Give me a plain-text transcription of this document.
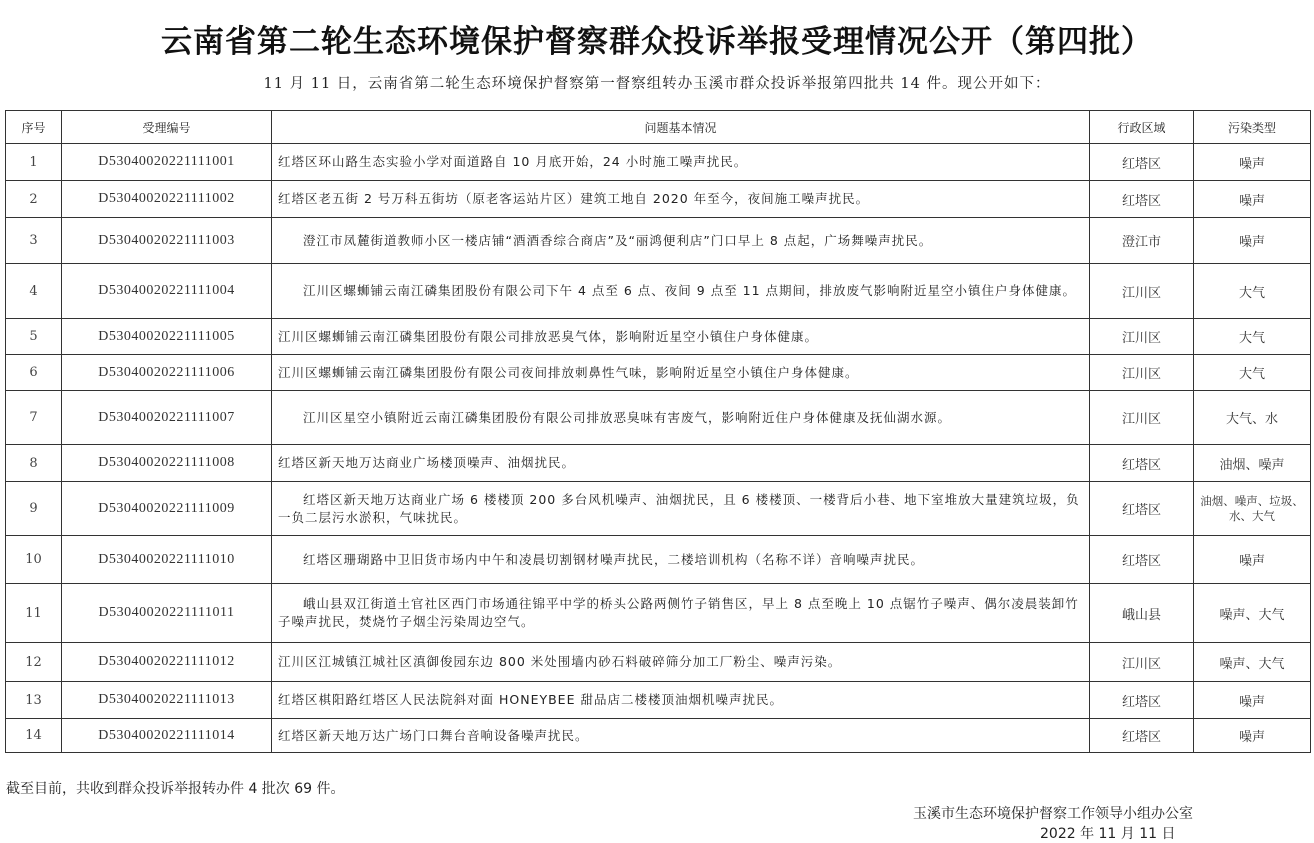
云南省第二轮生态环境保护督察群众投诉举报受理情况公开（第四批）
11 月 11 日，云南省第二轮生态环境保护督察第一督察组转办玉溪市群众投诉举报第四批共 14 件。现公开如下：
序号	受理编号	问题基本情况	行政区域	污染类型
1	D53040020221111001	红塔区环山路生态实验小学对面道路自 10 月底开始，24 小时施工噪声扰民。	红塔区	噪声
2	D53040020221111002	红塔区老五街 2 号万科五街坊（原老客运站片区）建筑工地自 2020 年至今，夜间施工噪声扰民。	红塔区	噪声
3	D53040020221111003	澄江市凤麓街道教师小区一楼店铺“酒酒香综合商店”及“丽鸿便利店”门口早上 8 点起，广场舞噪声扰民。	澄江市	噪声
4	D53040020221111004	江川区螺蛳铺云南江磷集团股份有限公司下午 4 点至 6 点、夜间 9 点至 11 点期间，排放废气影响附近星空小镇住户身体健康。	江川区	大气
5	D53040020221111005	江川区螺蛳铺云南江磷集团股份有限公司排放恶臭气体，影响附近星空小镇住户身体健康。	江川区	大气
6	D53040020221111006	江川区螺蛳铺云南江磷集团股份有限公司夜间排放刺鼻性气味，影响附近星空小镇住户身体健康。	江川区	大气
7	D53040020221111007	江川区星空小镇附近云南江磷集团股份有限公司排放恶臭味有害废气，影响附近住户身体健康及抚仙湖水源。	江川区	大气、水
8	D53040020221111008	红塔区新天地万达商业广场楼顶噪声、油烟扰民。	红塔区	油烟、噪声
9	D53040020221111009	红塔区新天地万达商业广场 6 楼楼顶 200 多台风机噪声、油烟扰民，且 6 楼楼顶、一楼背后小巷、地下室堆放大量建筑垃圾，负一负二层污水淤积，气味扰民。	红塔区	油烟、噪声、垃圾、水、大气
10	D53040020221111010	红塔区珊瑚路中卫旧货市场内中午和凌晨切割钢材噪声扰民，二楼培训机构（名称不详）音响噪声扰民。	红塔区	噪声
11	D53040020221111011	峨山县双江街道土官社区西门市场通往锦平中学的桥头公路两侧竹子销售区，早上 8 点至晚上 10 点锯竹子噪声、偶尔凌晨装卸竹子噪声扰民，焚烧竹子烟尘污染周边空气。	峨山县	噪声、大气
12	D53040020221111012	江川区江城镇江城社区滇御俊园东边 800 米处围墙内砂石料破碎筛分加工厂粉尘、噪声污染。	江川区	噪声、大气
13	D53040020221111013	红塔区棋阳路红塔区人民法院斜对面 HONEYBEE 甜品店二楼楼顶油烟机噪声扰民。	红塔区	噪声
14	D53040020221111014	红塔区新天地万达广场门口舞台音响设备噪声扰民。	红塔区	噪声
截至目前，共收到群众投诉举报转办件 4 批次 69 件。
玉溪市生态环境保护督察工作领导小组办公室
2022 年 11 月 11 日
